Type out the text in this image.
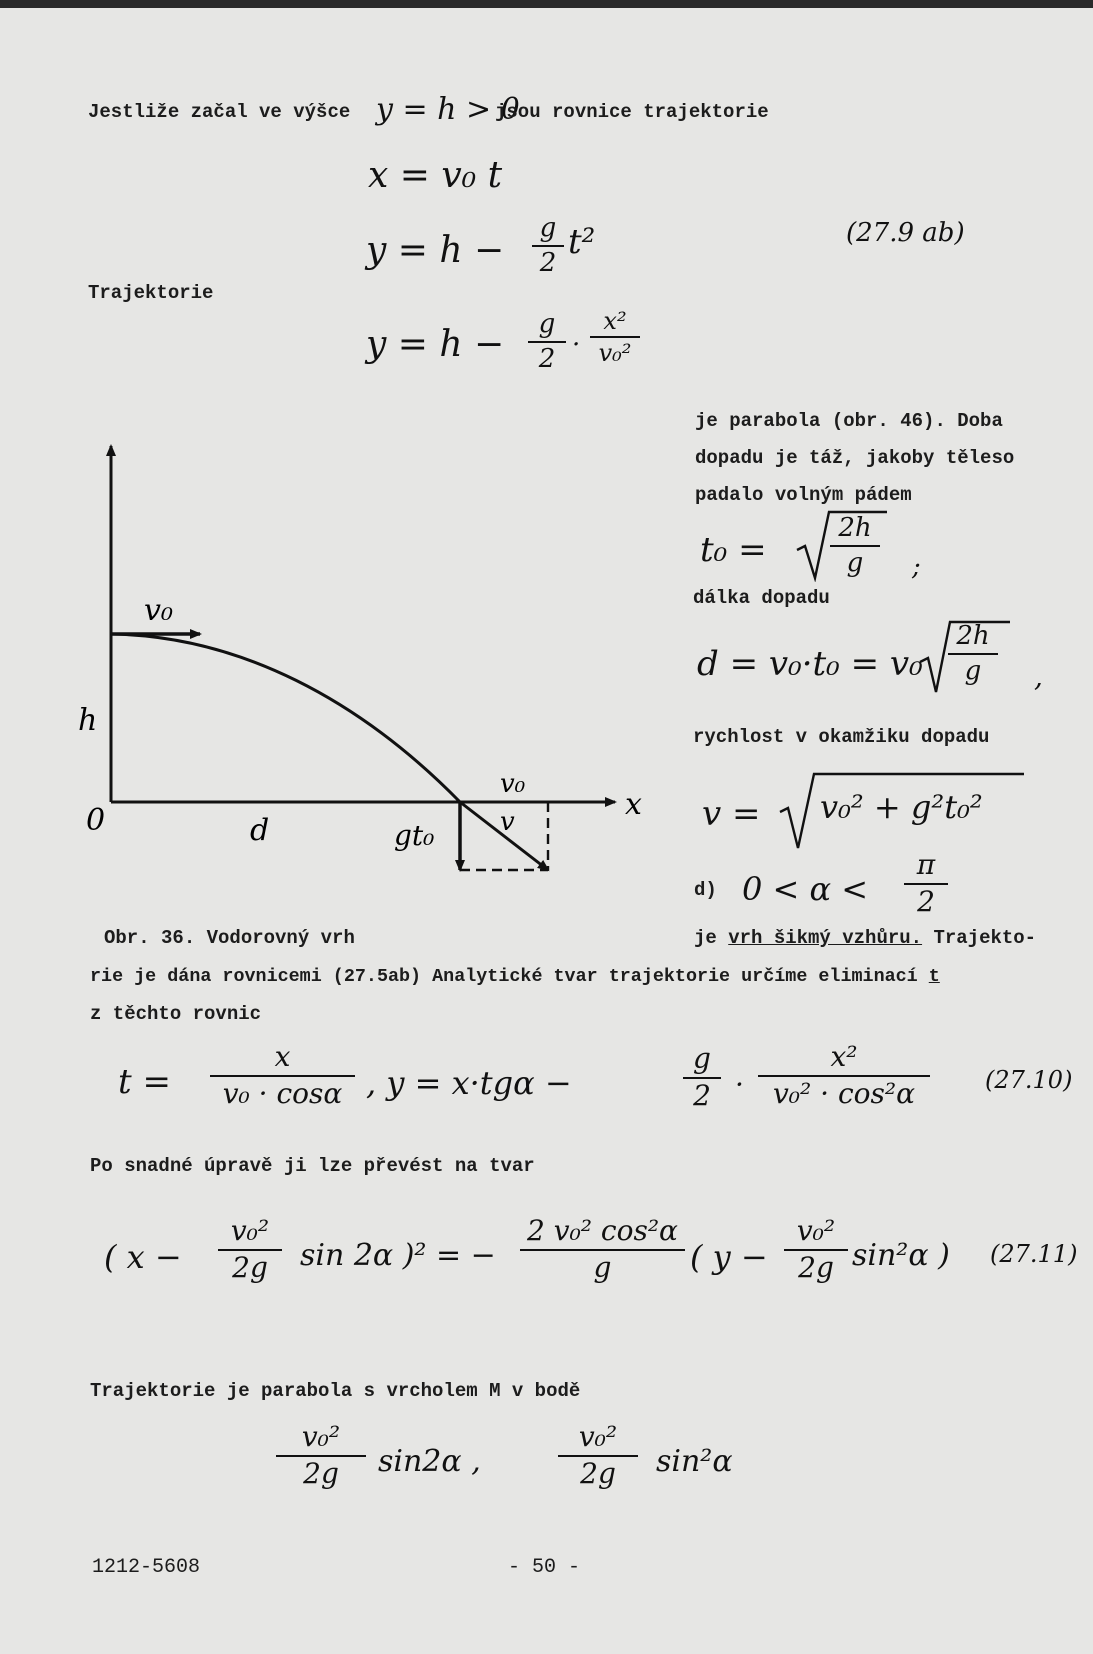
Jestliže začal ve výšce y = h > 0
jsou rovnice trajektorie
x = v₀ t
y = h −
g
2
t²	(27.9 ab)
Trajektorie
y = h −	g
2 ·
x²
v₀²
je parabola (obr. 46). Doba
dopadu je táž, jakoby těleso
padalo volným pádem
t₀ =
2h
g	;
dálka dopadu
d = v₀·t₀ = v₀
2h
g	,
rychlost v okamžiku dopadu
v = v₀² + g²t₀²
d) 0 < α <
π
2
v₀
h
0	d	gt₀
v₀
v	x
Obr. 36. Vodorovný vrh	je vrh šikmý vzhůru. Trajekto-
rie je dána rovnicemi (27.5ab) Analytické tvar trajektorie určíme eliminací t
z těchto rovnic
t =
x
v₀ · cosα , y = x·tgα −
g
2 ·
x²
v₀² · cos²α	(27.10)
Po snadné úpravě ji lze převést na tvar
( x −
v₀²
2g	sin 2α )² = −
2 v₀² cos²α
g	( y −
v₀²
2g sin²α ) (27.11)
Trajektorie je parabola s vrcholem M v bodě
v₀²
2g	sin2α ,
v₀²
2g	sin²α
1212-5608	- 50 -
